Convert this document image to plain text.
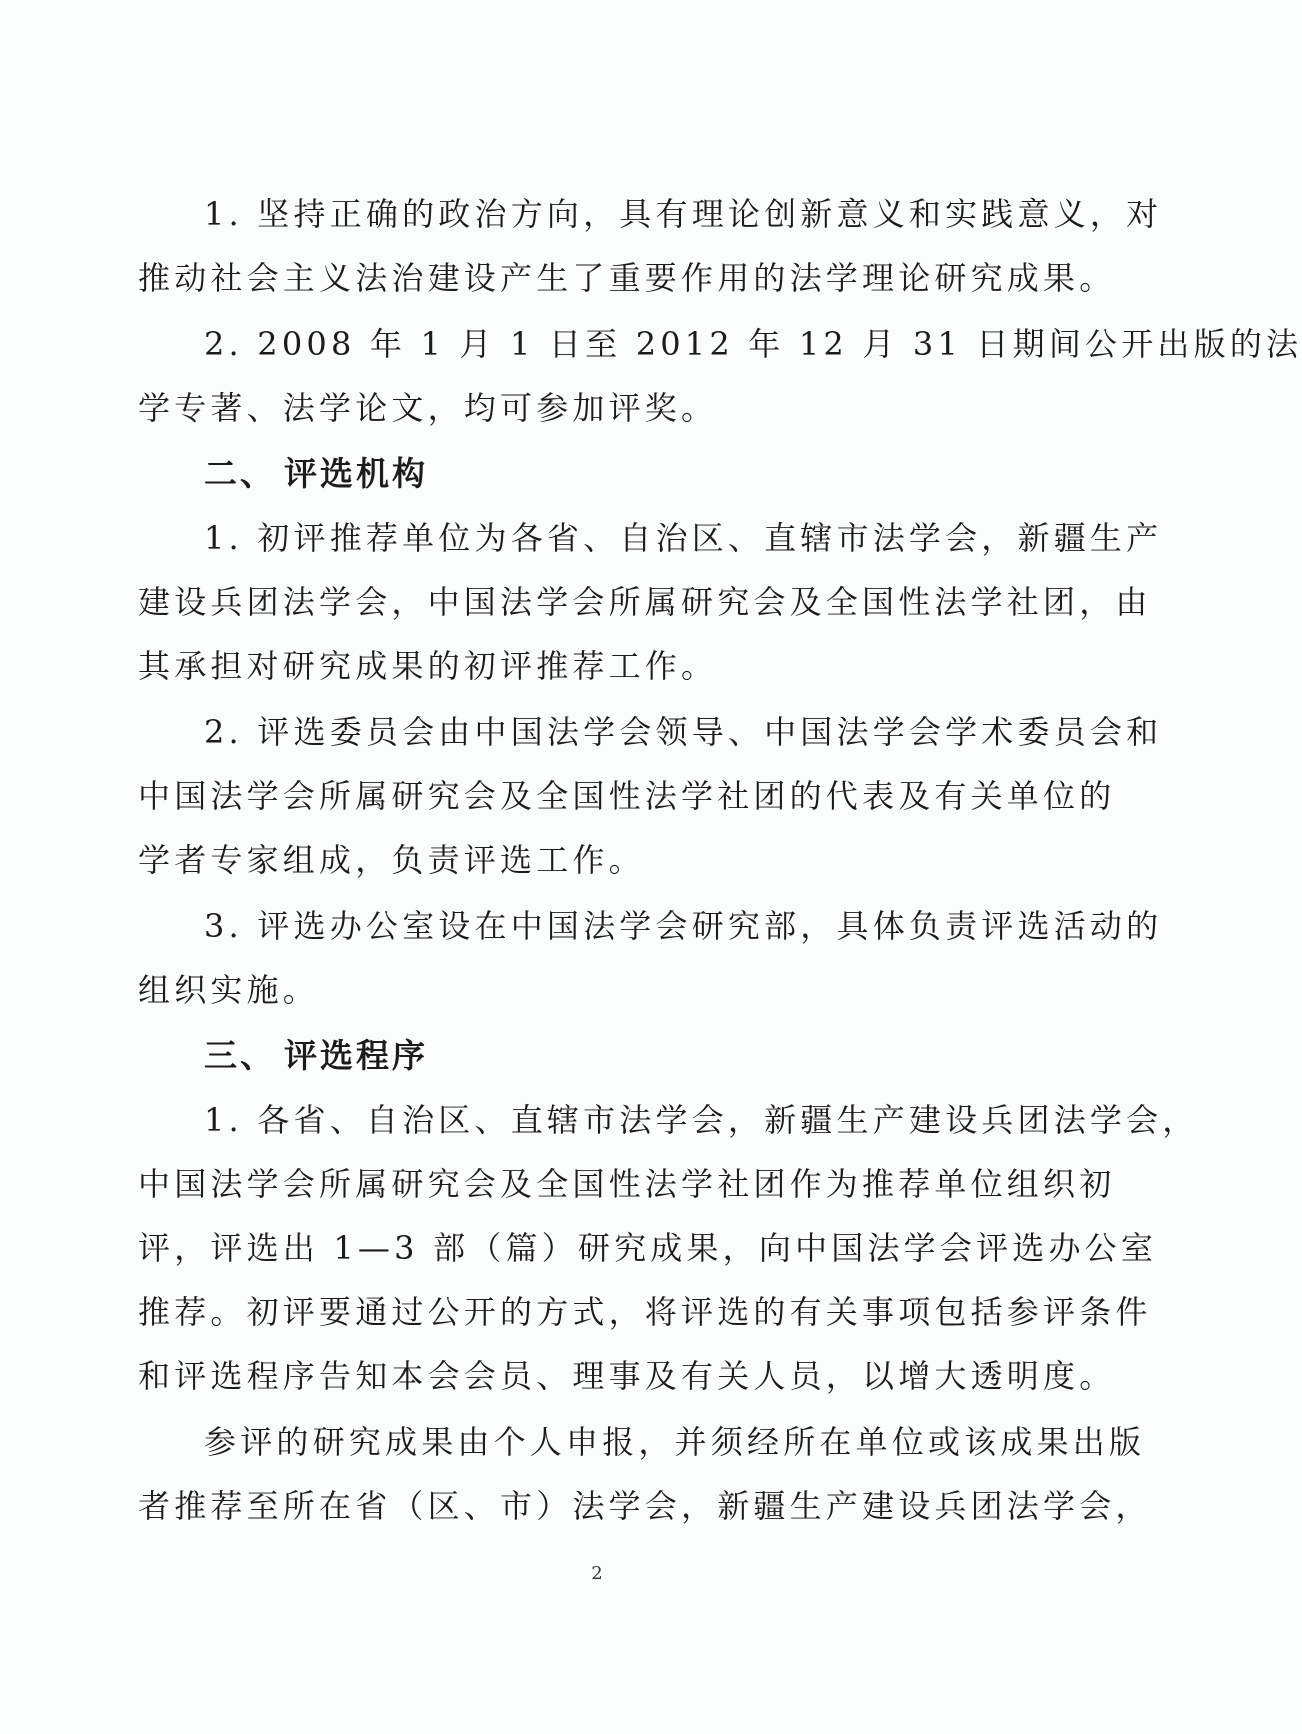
1. 坚持正确的政治方向，具有理论创新意义和实践意义，对
推动社会主义法治建设产生了重要作用的法学理论研究成果。
2. 2008 年 1 月 1 日至 2012 年 12 月 31 日期间公开出版的法
学专著、法学论文，均可参加评奖。
二、 评选机构
1. 初评推荐单位为各省、自治区、直辖市法学会，新疆生产
建设兵团法学会，中国法学会所属研究会及全国性法学社团，由
其承担对研究成果的初评推荐工作。
2. 评选委员会由中国法学会领导、中国法学会学术委员会和
中国法学会所属研究会及全国性法学社团的代表及有关单位的
学者专家组成，负责评选工作。
3. 评选办公室设在中国法学会研究部，具体负责评选活动的
组织实施。
三、 评选程序
1. 各省、自治区、直辖市法学会，新疆生产建设兵团法学会，
中国法学会所属研究会及全国性法学社团作为推荐单位组织初
评，评选出 1—3 部（篇）研究成果，向中国法学会评选办公室
推荐。初评要通过公开的方式，将评选的有关事项包括参评条件
和评选程序告知本会会员、理事及有关人员，以增大透明度。
参评的研究成果由个人申报，并须经所在单位或该成果出版
者推荐至所在省（区、市）法学会，新疆生产建设兵团法学会，
2
